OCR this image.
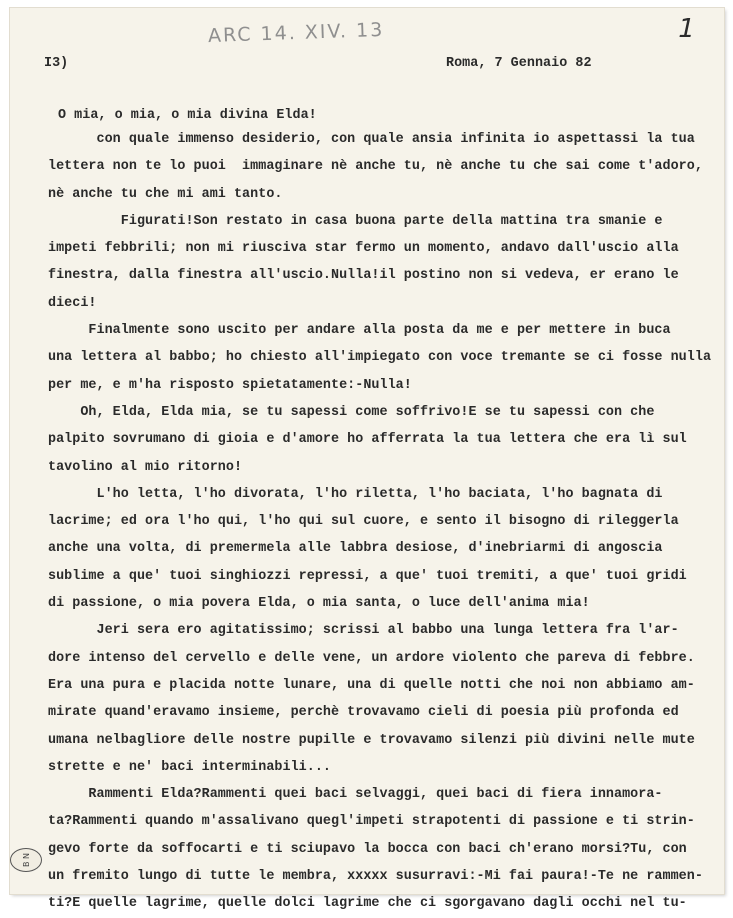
ARC 14. XIV. 13	1
I3)	Roma, 7 Gennaio 82
O mia, o mia, o mia divina Elda!
con quale immenso desiderio, con quale ansia infinita io aspettassi la tua
lettera non te lo puoi  immaginare nè anche tu, nè anche tu che sai come t'adoro,
nè anche tu che mi ami tanto.
Figurati!Son restato in casa buona parte della mattina tra smanie e
impeti febbrili; non mi riusciva star fermo un momento, andavo dall'uscio alla
finestra, dalla finestra all'uscio.Nulla!il postino non si vedeva, er erano le
dieci!
Finalmente sono uscito per andare alla posta da me e per mettere in buca
una lettera al babbo; ho chiesto all'impiegato con voce tremante se ci fosse nulla
per me, e m'ha risposto spietatamente:-Nulla!
Oh, Elda, Elda mia, se tu sapessi come soffrivo!E se tu sapessi con che
palpito sovrumano di gioia e d'amore ho afferrata la tua lettera che era lì sul
tavolino al mio ritorno!
L'ho letta, l'ho divorata, l'ho riletta, l'ho baciata, l'ho bagnata di
lacrime; ed ora l'ho qui, l'ho qui sul cuore, e sento il bisogno di rileggerla
anche una volta, di premermela alle labbra desiose, d'inebriarmi di angoscia
sublime a que' tuoi singhiozzi repressi, a que' tuoi tremiti, a que' tuoi gridi
di passione, o mia povera Elda, o mia santa, o luce dell'anima mia!
Jeri sera ero agitatissimo; scrissi al babbo una lunga lettera fra l'ar-
dore intenso del cervello e delle vene, un ardore violento che pareva di febbre.
Era una pura e placida notte lunare, una di quelle notti che noi non abbiamo am-
mirate quand'eravamo insieme, perchè trovavamo cieli di poesia più profonda ed
umana nelbagliore delle nostre pupille e trovavamo silenzi più divini nelle mute
strette e ne' baci interminabili...
Rammenti Elda?Rammenti quei baci selvaggi, quei baci di fiera innamora-
ta?Rammenti quando m'assalivano quegl'impeti strapotenti di passione e ti strin-
gevo forte da soffocarti e ti sciupavo la bocca con baci ch'erano morsi?Tu, con
un fremito lungo di tutte le membra, xxxxx susurravi:-Mi fai paura!-Te ne rammen-
ti?E quelle lagrime, quelle dolci lagrime che ci sgorgavano dagli occhi nel tu-
B N
